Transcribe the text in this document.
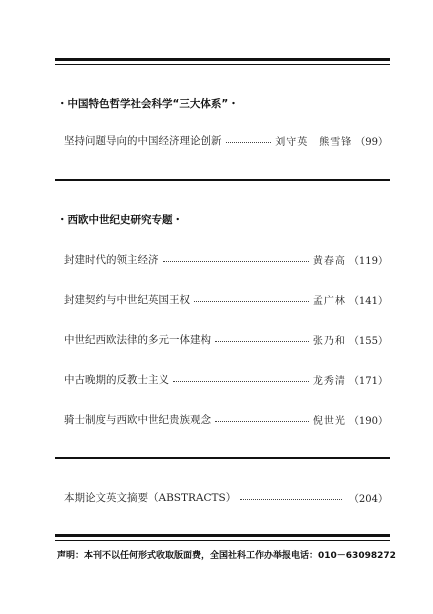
・中国特色哲学社会科学“三大体系”・
坚持问题导向的中国经济理论创新	刘守英　熊雪锋 （99）
・西欧中世纪史研究专题・
封建时代的领主经济	黄春高 （119）
封建契约与中世纪英国王权	孟广林 （141）
中世纪西欧法律的多元一体建构	张乃和 （155）
中古晚期的反教士主义	龙秀清 （171）
骑士制度与西欧中世纪贵族观念	倪世光 （190）
本期论文英文摘要（ABSTRACTS）	（204）
声明：本刊不以任何形式收取版面费，全国社科工作办举报电话：010－63098272
